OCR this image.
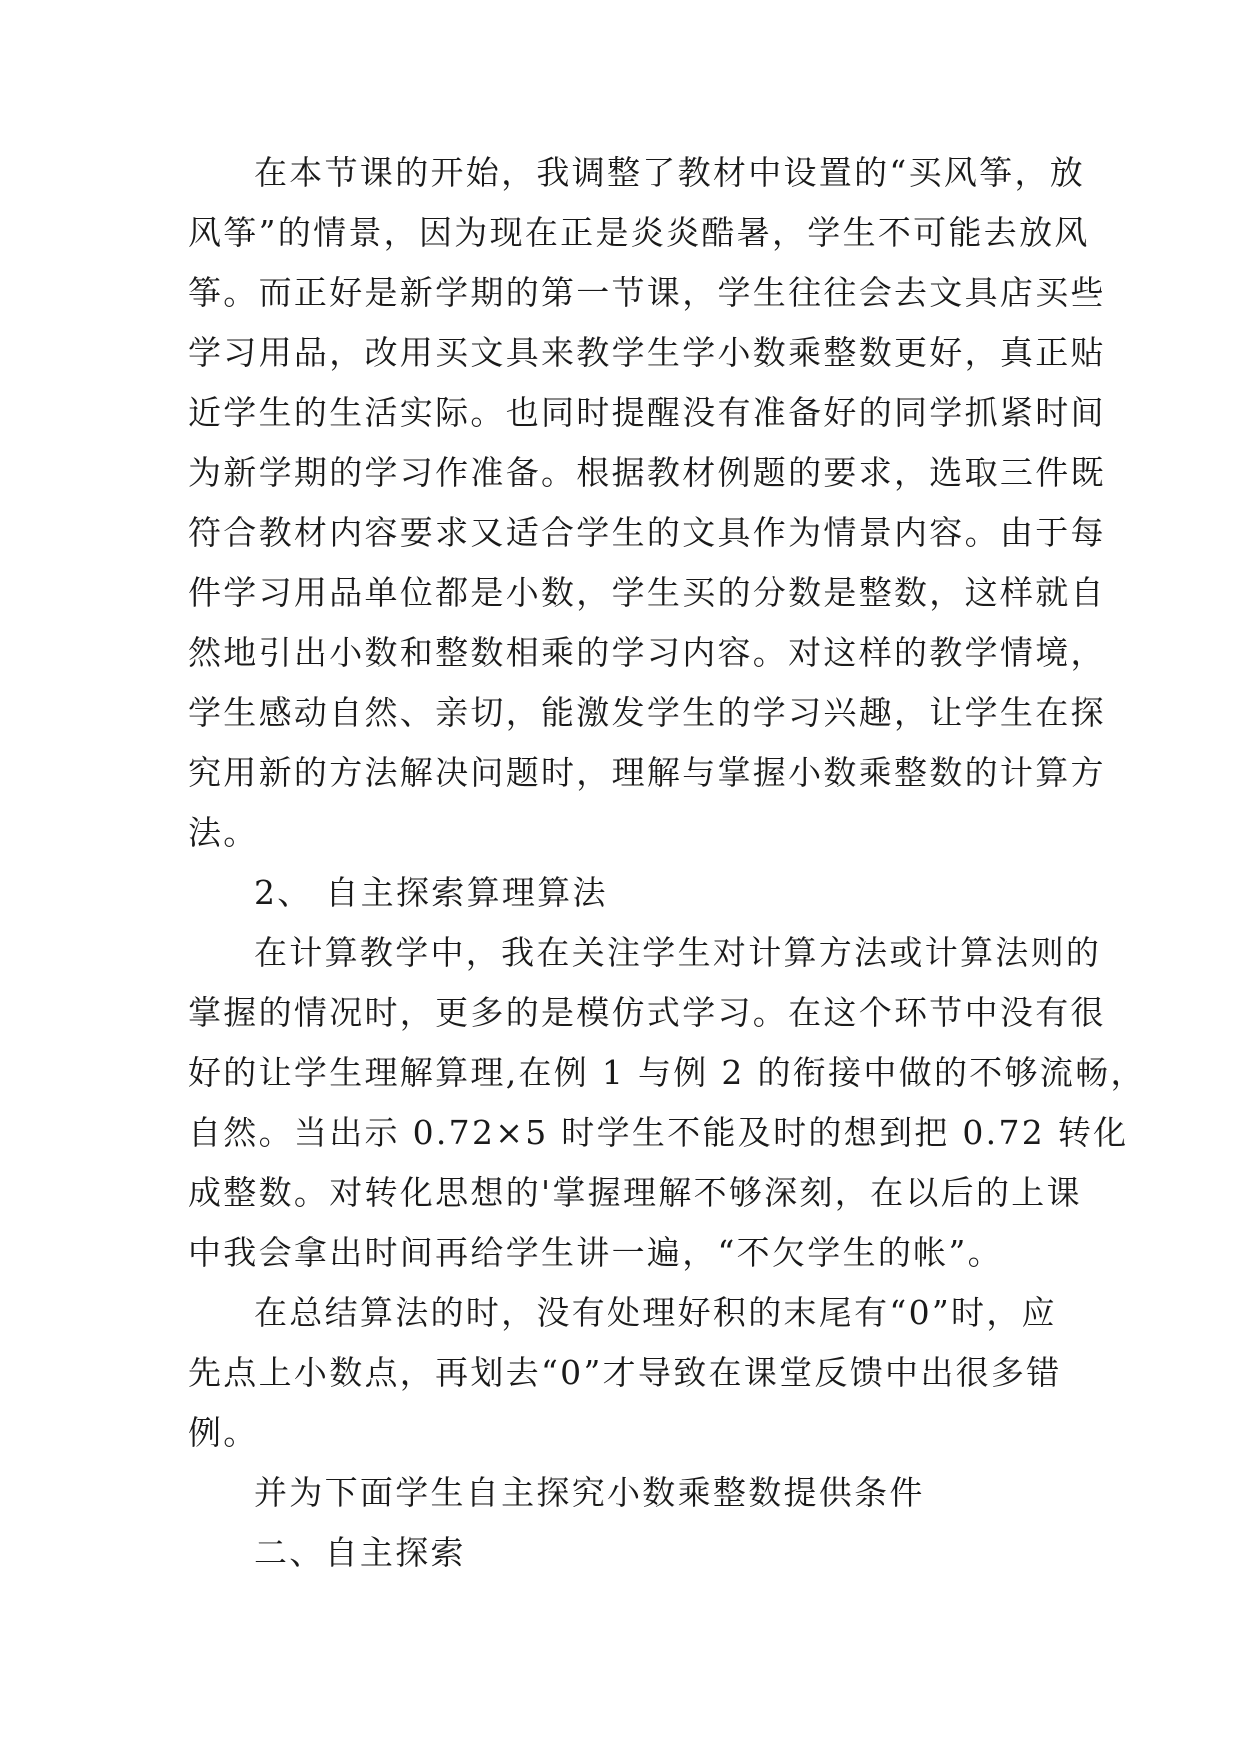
在本节课的开始，我调整了教材中设置的“买风筝，放
风筝”的情景，因为现在正是炎炎酷暑，学生不可能去放风
筝。而正好是新学期的第一节课，学生往往会去文具店买些
学习用品，改用买文具来教学生学小数乘整数更好，真正贴
近学生的生活实际。也同时提醒没有准备好的同学抓紧时间
为新学期的学习作准备。根据教材例题的要求，选取三件既
符合教材内容要求又适合学生的文具作为情景内容。由于每
件学习用品单位都是小数，学生买的分数是整数，这样就自
然地引出小数和整数相乘的学习内容。对这样的教学情境，
学生感动自然、亲切，能激发学生的学习兴趣，让学生在探
究用新的方法解决问题时，理解与掌握小数乘整数的计算方
法。
2、 自主探索算理算法
在计算教学中，我在关注学生对计算方法或计算法则的
掌握的情况时，更多的是模仿式学习。在这个环节中没有很
好的让学生理解算理,在例 1 与例 2 的衔接中做的不够流畅，
自然。当出示 0.72×5 时学生不能及时的想到把 0.72 转化
成整数。对转化思想的'掌握理解不够深刻，在以后的上课
中我会拿出时间再给学生讲一遍，“不欠学生的帐”。
在总结算法的时，没有处理好积的末尾有“0”时，应
先点上小数点，再划去“0”才导致在课堂反馈中出很多错
例。
并为下面学生自主探究小数乘整数提供条件
二、自主探索
